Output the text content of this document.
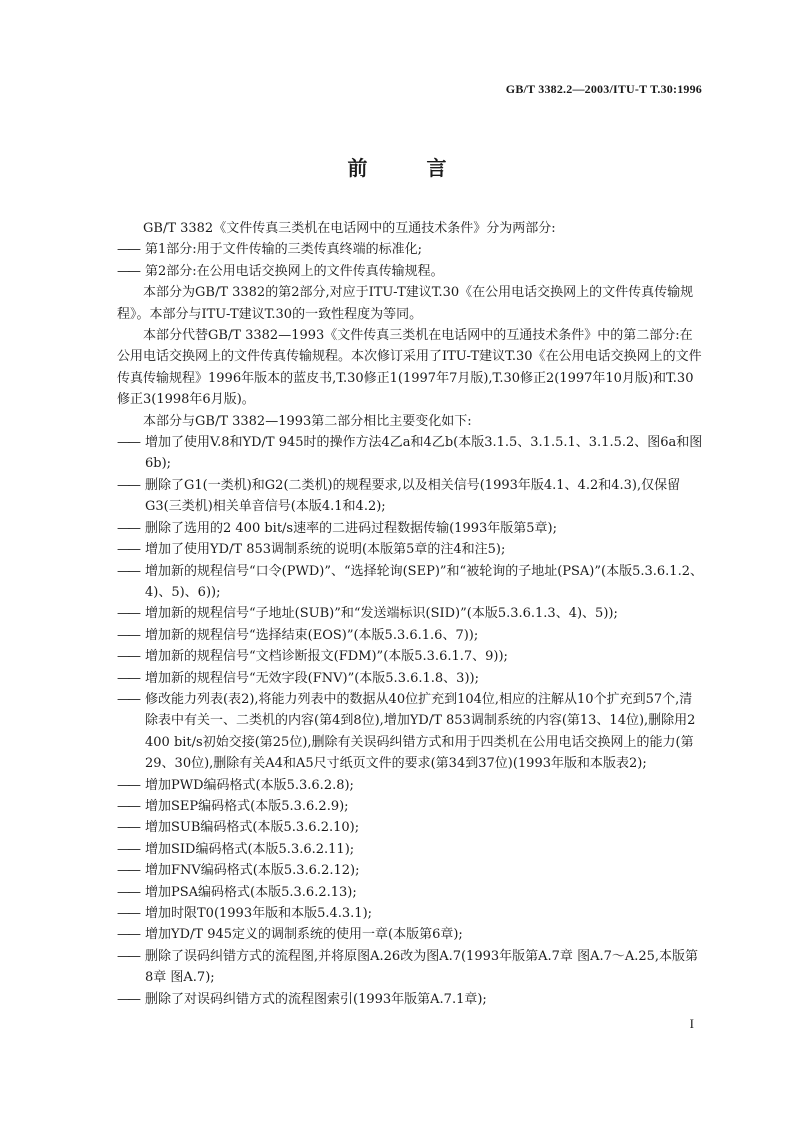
GB/T 3382.2—2003/ITU-T T.30:1996
前 言

GB/T 3382《文件传真三类机在电话网中的互通技术条件》分为两部分:

—— 第1部分:用于文件传输的三类传真终端的标准化;
—— 第2部分:在公用电话交换网上的文件传真传输规程。

本部分为GB/T 3382的第2部分,对应于ITU-T建议T.30《在公用电话交换网上的文件传真传输规程》。本部分与ITU-T建议T.30的一致性程度为等同。

本部分代替GB/T 3382—1993《文件传真三类机在电话网中的互通技术条件》中的第二部分:在公用电话交换网上的文件传真传输规程。本次修订采用了ITU-T建议T.30《在公用电话交换网上的文件传真传输规程》1996年版本的蓝皮书,T.30修正1(1997年7月版),T.30修正2(1997年10月版)和T.30修正3(1998年6月版)。

本部分与GB/T 3382—1993第二部分相比主要变化如下:

—— 增加了使用V.8和YD/T 945时的操作方法4乙a和4乙b(本版3.1.5、3.1.5.1、3.1.5.2、图6a和图6b);
—— 删除了G1(一类机)和G2(二类机)的规程要求,以及相关信号(1993年版4.1、4.2和4.3),仅保留G3(三类机)相关单音信号(本版4.1和4.2);
—— 删除了选用的2 400 bit/s速率的二进码过程数据传输(1993年版第5章);
—— 增加了使用YD/T 853调制系统的说明(本版第5章的注4和注5);
—— 增加新的规程信号“口令(PWD)”、“选择轮询(SEP)”和“被轮询的子地址(PSA)”(本版5.3.6.1.2、4)、5)、6));
—— 增加新的规程信号“子地址(SUB)”和“发送端标识(SID)”(本版5.3.6.1.3、4)、5));
—— 增加新的规程信号“选择结束(EOS)”(本版5.3.6.1.6、7));
—— 增加新的规程信号“文档诊断报文(FDM)”(本版5.3.6.1.7、9));
—— 增加新的规程信号“无效字段(FNV)”(本版5.3.6.1.8、3));
—— 修改能力列表(表2),将能力列表中的数据从40位扩充到104位,相应的注解从10个扩充到57个,清除表中有关一、二类机的内容(第4到8位),增加YD/T 853调制系统的内容(第13、14位),删除用2 400 bit/s初始交接(第25位),删除有关误码纠错方式和用于四类机在公用电话交换网上的能力(第29、30位),删除有关A4和A5尺寸纸页文件的要求(第34到37位)(1993年版和本版表2);
—— 增加PWD编码格式(本版5.3.6.2.8);
—— 增加SEP编码格式(本版5.3.6.2.9);
—— 增加SUB编码格式(本版5.3.6.2.10);
—— 增加SID编码格式(本版5.3.6.2.11);
—— 增加FNV编码格式(本版5.3.6.2.12);
—— 增加PSA编码格式(本版5.3.6.2.13);
—— 增加时限T0(1993年版和本版5.4.3.1);
—— 增加YD/T 945定义的调制系统的使用一章(本版第6章);
—— 删除了误码纠错方式的流程图,并将原图A.26改为图A.7(1993年版第A.7章 图A.7～A.25,本版第8章 图A.7);
—— 删除了对误码纠错方式的流程图索引(1993年版第A.7.1章);
I
